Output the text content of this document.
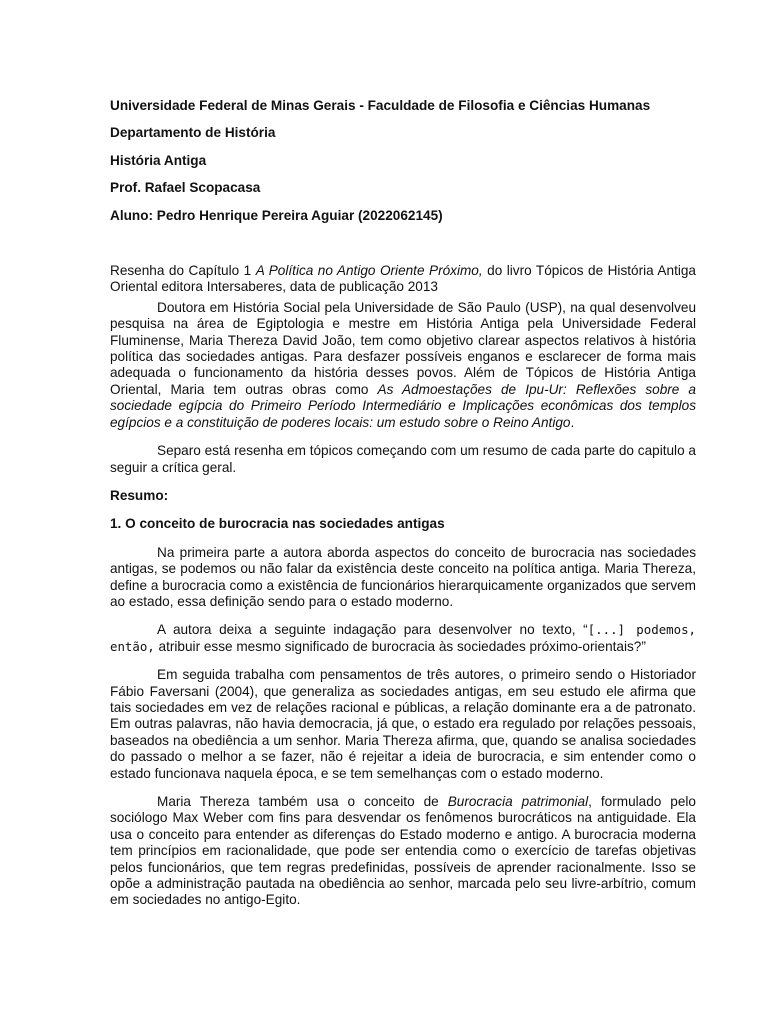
Universidade Federal de Minas Gerais - Faculdade de Filosofia e Ciências Humanas
Departamento de História
História Antiga
Prof. Rafael Scopacasa
Aluno: Pedro Henrique Pereira Aguiar (2022062145)
Resenha do Capítulo 1 A Política no Antigo Oriente Próximo, do livro Tópicos de História Antiga Oriental editora Intersaberes, data de publicação 2013

Doutora em História Social pela Universidade de São Paulo (USP), na qual desenvolveu pesquisa na área de Egiptologia e mestre em História Antiga pela Universidade Federal Fluminense, Maria Thereza David João, tem como objetivo clarear aspectos relativos à história política das sociedades antigas. Para desfazer possíveis enganos e esclarecer de forma mais adequada o funcionamento da história desses povos. Além de Tópicos de História Antiga Oriental, Maria tem outras obras como As Admoestações de Ipu-Ur: Reflexões sobre a sociedade egípcia do Primeiro Período Intermediário e Implicações econômicas dos templos egípcios e a constituição de poderes locais: um estudo sobre o Reino Antigo.

Separo está resenha em tópicos começando com um resumo de cada parte do capitulo a seguir a crítica geral.

Resumo:
1. O conceito de burocracia nas sociedades antigas

Na primeira parte a autora aborda aspectos do conceito de burocracia nas sociedades antigas, se podemos ou não falar da existência deste conceito na política antiga. Maria Thereza, define a burocracia como a existência de funcionários hierarquicamente organizados que servem ao estado, essa definição sendo para o estado moderno.

A autora deixa a seguinte indagação para desenvolver no texto, “[...] podemos, então, atribuir esse mesmo significado de burocracia às sociedades próximo-orientais?”

Em seguida trabalha com pensamentos de três autores, o primeiro sendo o Historiador Fábio Faversani (2004), que generaliza as sociedades antigas, em seu estudo ele afirma que tais sociedades em vez de relações racional e públicas, a relação dominante era a de patronato. Em outras palavras, não havia democracia, já que, o estado era regulado por relações pessoais, baseados na obediência a um senhor. Maria Thereza afirma, que, quando se analisa sociedades do passado o melhor a se fazer, não é rejeitar a ideia de burocracia, e sim entender como o estado funcionava naquela época, e se tem semelhanças com o estado moderno.

Maria Thereza também usa o conceito de Burocracia patrimonial, formulado pelo sociólogo Max Weber com fins para desvendar os fenômenos burocráticos na antiguidade. Ela usa o conceito para entender as diferenças do Estado moderno e antigo. A burocracia moderna tem princípios em racionalidade, que pode ser entendia como o exercício de tarefas objetivas pelos funcionários, que tem regras predefinidas, possíveis de aprender racionalmente. Isso se opõe a administração pautada na obediência ao senhor, marcada pelo seu livre-arbítrio, comum em sociedades no antigo-Egito.
